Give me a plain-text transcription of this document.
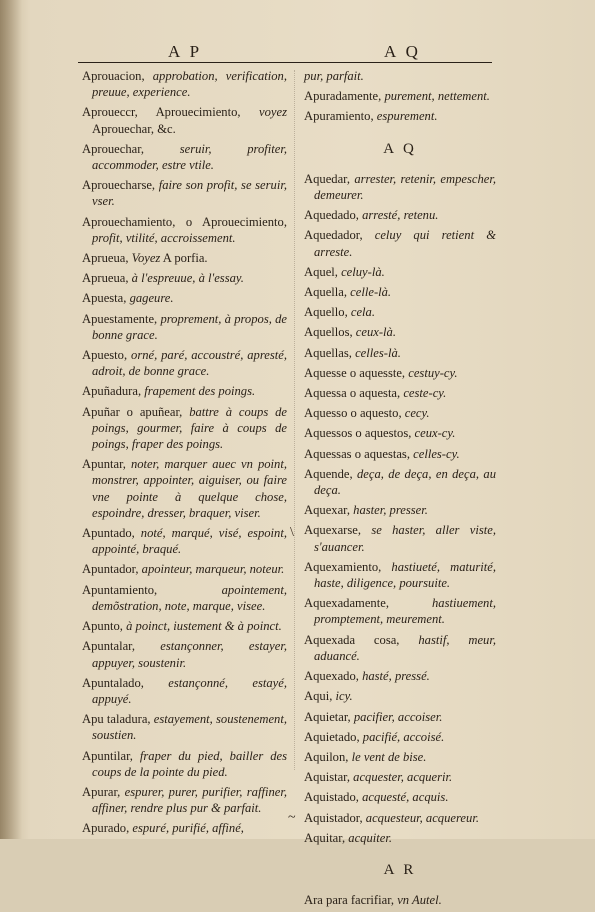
A P	A Q

Aprouacion, approbation, verification, preuue, experience.

Aproueccr, Aprouecimiento, voyez Aprouechar, &c.

Aprouechar, seruir, profiter, accommoder, estre vtile.

Aprouecharse, faire son profit, se seruir, vser.

Aprouechamiento, o Aprouecimiento, profit, vtilité, accroissement.

Aprueua, Voyez A porfia.

Aprueua, à l'espreuue, à l'essay.

Apuesta, gageure.

Apuestamente, proprement, à propos, de bonne grace.

Apuesto, orné, paré, accoustré, apresté, adroit, de bonne grace.

Apuñadura, frapement des poings.

Apuñar o apuñear, battre à coups de poings, gourmer, faire à coups de poings, fraper des poings.

Apuntar, noter, marquer auec vn point, monstrer, appointer, aiguiser, ou faire vne pointe à quelque chose, espoindre, dresser, braquer, viser.

Apuntado, noté, marqué, visé, espoint, appointé, braqué.

Apuntador, apointeur, marqueur, noteur.

Apuntamiento, apointement, demõstration, note, marque, visee.

Apunto, à poinct, iustement & à poinct.

Apuntalar, estançonner, estayer, appuyer, soustenir.

Apuntalado, estançonné, estayé, appuyé.

Apu taladura, estayement, soustenement, soustien.

Apuntilar, fraper du pied, bailler des coups de la pointe du pied.

Apurar, espurer, purer, purifier, raffiner, affiner, rendre plus pur & parfait.

Apurado, espuré, purifié, affiné,

pur, parfait.

Apuradamente, purement, nettement.

Apuramiento, espurement.

A Q

Aquedar, arrester, retenir, empescher, demeurer.

Aquedado, arresté, retenu.

Aquedador, celuy qui retient & arreste.

Aquel, celuy-là.

Aquella, celle-là.

Aquello, cela.

Aquellos, ceux-là.

Aquellas, celles-là.

Aquesse o aquesste, cestuy-cy.

Aquessa o aquesta, ceste-cy.

Aquesso o aquesto, cecy.

Aquessos o aquestos, ceux-cy.

Aquessas o aquestas, celles-cy.

Aquende, deça, de deça, en deça, au deça.

Aquexar, haster, presser.

Aquexarse, se haster, aller viste, s'auancer.

Aquexamiento, hastiueté, maturité, haste, diligence, poursuite.

Aquexadamente, hastiuement, promptement, meurement.

Aquexada cosa, hastif, meur, aduancé.

Aquexado, hasté, pressé.

Aqui, icy.

Aquietar, pacifier, accoiser.

Aquietado, pacifié, accoisé.

Aquilon, le vent de bise.

Aquistar, acquester, acquerir.

Aquistado, acquesté, acquis.

Aquistador, acquesteur, acquereur.

Aquitar, acquiter.

A R

Ara para facrifiar, vn Autel.

\
~
